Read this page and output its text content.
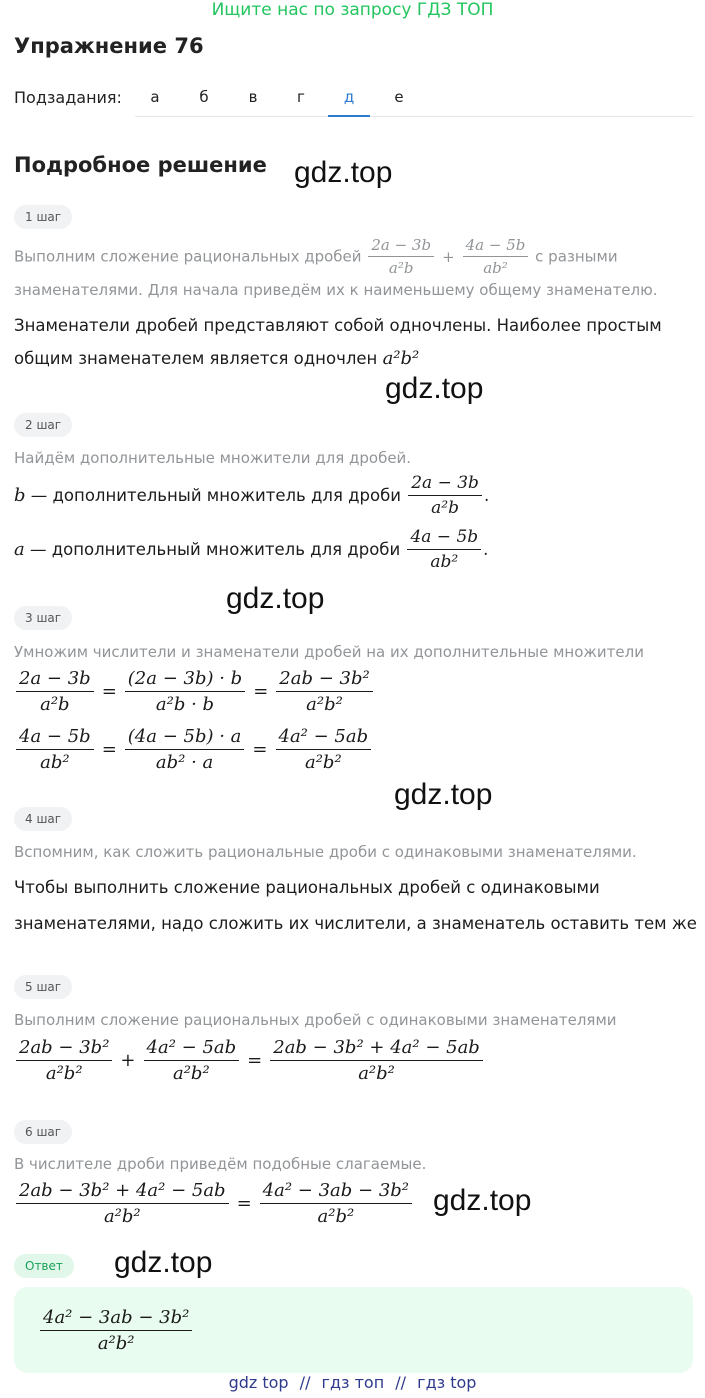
Ищите нас по запросу ГДЗ ТОП
Упражнение 76
Подзадания:	а	б	в	г	д	е
Подробное решение gdz.top
gdz.top
gdz.top
gdz.top
gdz.top
gdz.top
1 шаг
Выполним сложение рациональных дробей $\frac{2a - 3b}{\text{a²b}} + \frac{4a - 5b}{\text{ab²}}$ с разными
знаменателями. Для начала приведём их к наименьшему общему знаменателю.
Знаменатели дробей представляют собой одночлены. Наиболее простым
общим знаменателем является одночлен a²b²
2 шаг
Найдём дополнительные множители для дробей.
b — дополнительный множитель для дроби $\frac{2a - 3b}{\text{a²b}}$ .
a — дополнительный множитель для дроби $\frac{4a - 5b}{\text{ab²}}$ .
3 шаг
Умножим числители и знаменатели дробей на их дополнительные множители
$\frac{2a - 3b}{\text{a²b}} = \frac{(2a - 3b) \cdot b}{\text{a²b · b}} = \frac{\text{2ab − 3b²}}{\text{a²b²}}$
$\frac{4a - 5b}{\text{ab²}} = \frac{(4a - 5b) \cdot a}{\text{ab² · a}} = \frac{\text{4a² − 5ab}}{\text{a²b²}}$
4 шаг
Вспомним, как сложить рациональные дроби с одинаковыми знаменателями.
Чтобы выполнить сложение рациональных дробей с одинаковыми
знаменателями, надо сложить их числители, а знаменатель оставить тем же
5 шаг
Выполним сложение рациональных дробей с одинаковыми знаменателями
$\frac{\text{2ab − 3b²}}{\text{a²b²}} + \frac{\text{4a² − 5ab}}{\text{a²b²}} = \frac{\text{2ab − 3b² + 4a² − 5ab}}{\text{a²b²}}$
6 шаг
В числителе дроби приведём подобные слагаемые.
$\frac{\text{2ab − 3b² + 4a² − 5ab}}{\text{a²b²}} = \frac{\text{4a² − 3ab − 3b²}}{\text{a²b²}}$
Ответ
$\frac{\text{4a² − 3ab − 3b²}}{\text{a²b²}}$
gdz top // гдз топ // гдз top
